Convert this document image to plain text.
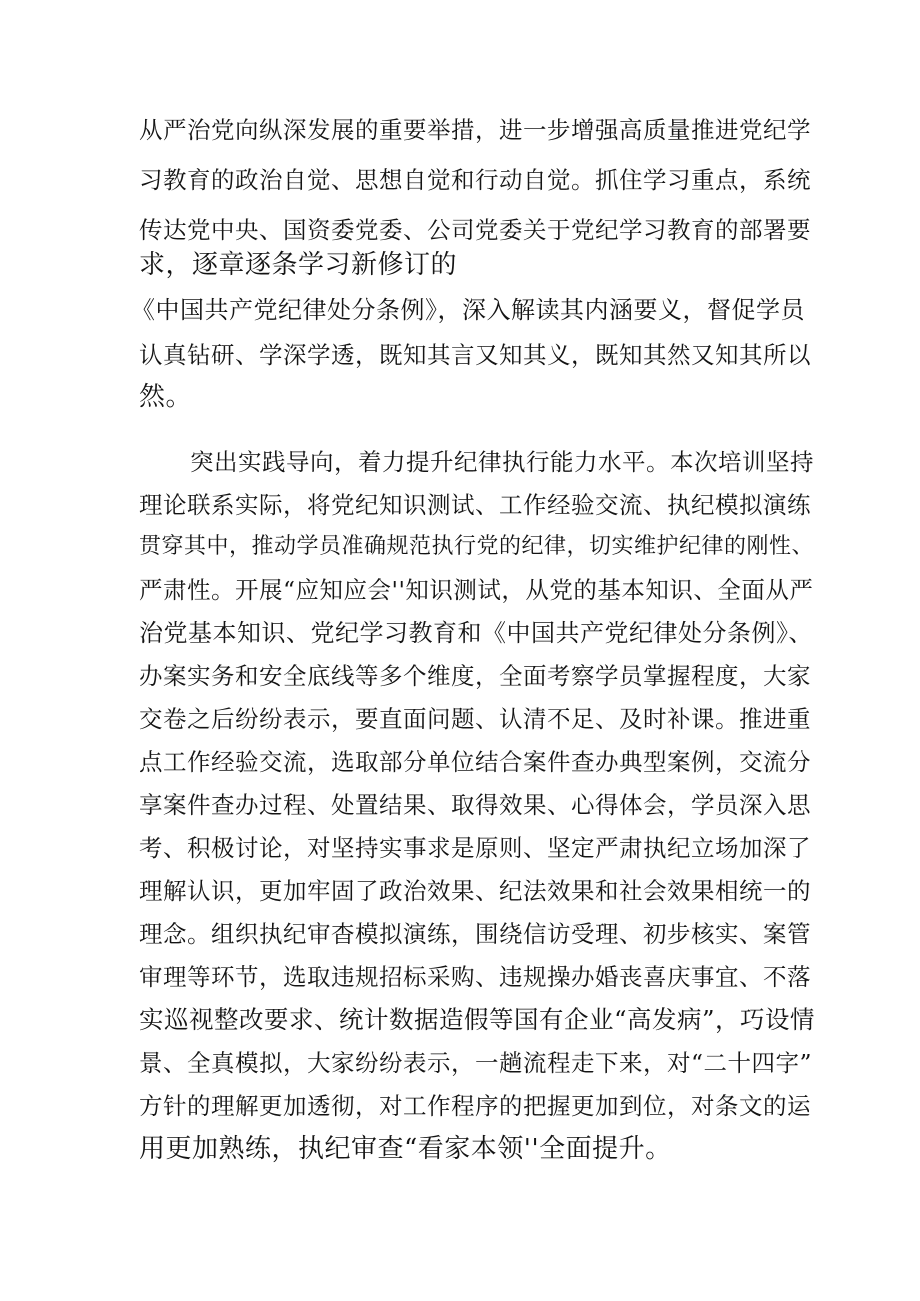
从严治党向纵深发展的重要举措，进一步增强高质量推进党纪学
习教育的政治自觉、思想自觉和行动自觉。抓住学习重点，系统
传达党中央、国资委党委、公司党委关于党纪学习教育的部署要
求，逐章逐条学习新修订的
《中国共产党纪律处分条例》，深入解读其内涵要义，督促学员
认真钻研、学深学透，既知其言又知其义，既知其然又知其所以
然。
突出实践导向，着力提升纪律执行能力水平。本次培训坚持
理论联系实际，将党纪知识测试、工作经验交流、执纪模拟演练
贯穿其中，推动学员准确规范执行党的纪律，切实维护纪律的刚性、
严肃性。开展“应知应会''知识测试，从党的基本知识、全面从严
治党基本知识、党纪学习教育和《中国共产党纪律处分条例》、
办案实务和安全底线等多个维度，全面考察学员掌握程度，大家
交卷之后纷纷表示，要直面问题、认清不足、及时补课。推进重
点工作经验交流，选取部分单位结合案件查办典型案例，交流分
享案件查办过程、处置结果、取得效果、心得体会，学员深入思
考、积极讨论，对坚持实事求是原则、坚定严肃执纪立场加深了
理解认识，更加牢固了政治效果、纪法效果和社会效果相统一的
理念。组织执纪审杳模拟演练，围绕信访受理、初步核实、案管
审理等环节，选取违规招标采购、违规操办婚丧喜庆事宜、不落
实巡视整改要求、统计数据造假等国有企业“高发病”，巧设情
景、全真模拟，大家纷纷表示，一趟流程走下来，对“二十四字”
方针的理解更加透彻，对工作程序的把握更加到位，对条文的运
用更加熟练，执纪审查“看家本领''全面提升。
